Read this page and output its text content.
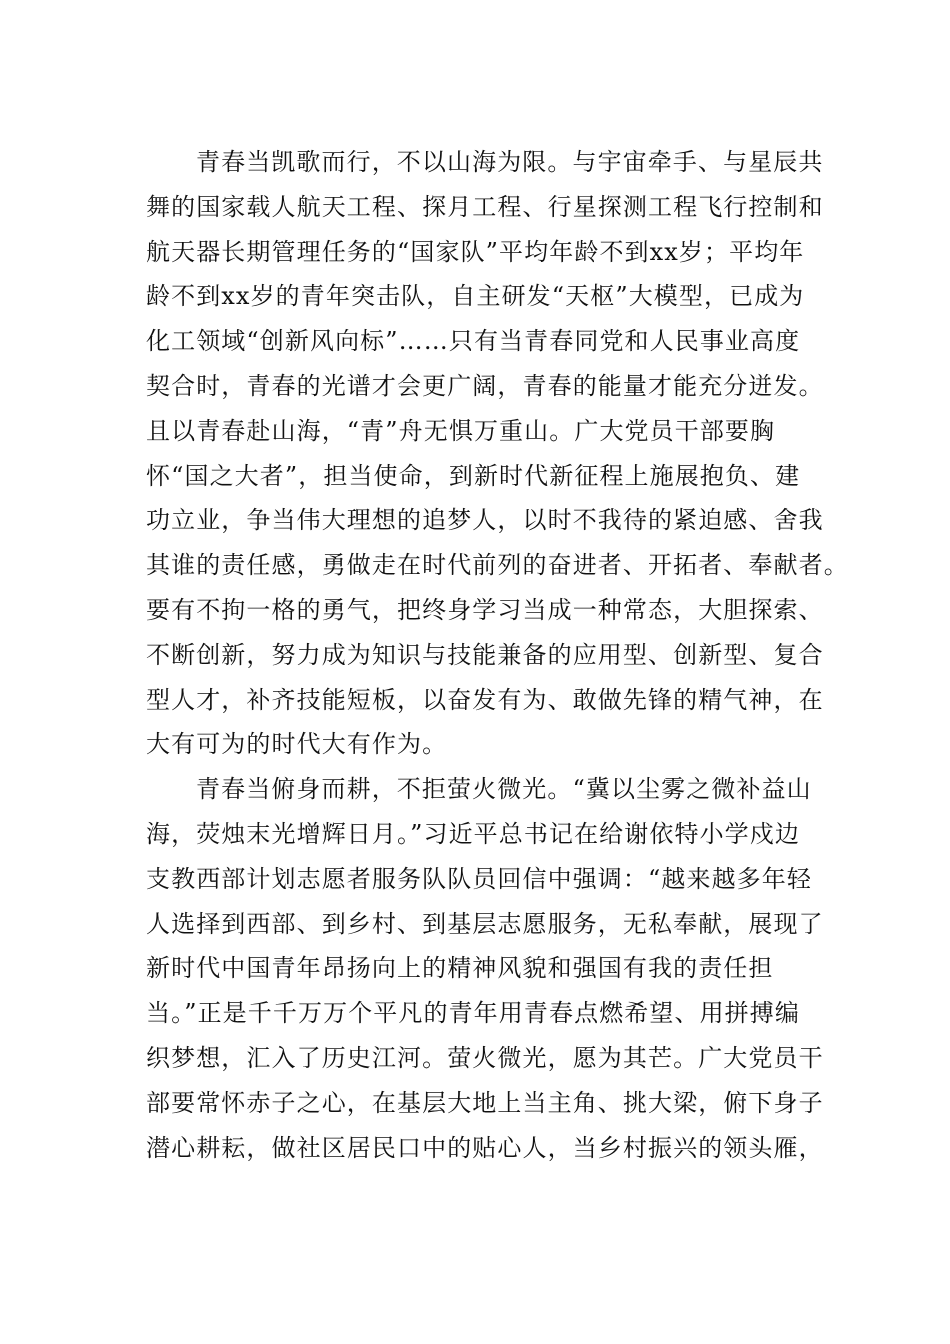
青春当凯歌而行，不以山海为限。与宇宙牵手、与星辰共
舞的国家载人航天工程、探月工程、行星探测工程飞行控制和
航天器长期管理任务的“国家队”平均年龄不到xx岁；平均年
龄不到xx岁的青年突击队，自主研发“天枢”大模型，已成为
化工领域“创新风向标”……只有当青春同党和人民事业高度
契合时，青春的光谱才会更广阔，青春的能量才能充分迸发。
且以青春赴山海，“青”舟无惧万重山。广大党员干部要胸
怀“国之大者”，担当使命，到新时代新征程上施展抱负、建
功立业，争当伟大理想的追梦人，以时不我待的紧迫感、舍我
其谁的责任感，勇做走在时代前列的奋进者、开拓者、奉献者。
要有不拘一格的勇气，把终身学习当成一种常态，大胆探索、
不断创新，努力成为知识与技能兼备的应用型、创新型、复合
型人才，补齐技能短板，以奋发有为、敢做先锋的精气神，在
大有可为的时代大有作为。
青春当俯身而耕，不拒萤火微光。“冀以尘雾之微补益山
海，荧烛末光增辉日月。”习近平总书记在给谢依特小学戍边
支教西部计划志愿者服务队队员回信中强调：“越来越多年轻
人选择到西部、到乡村、到基层志愿服务，无私奉献，展现了
新时代中国青年昂扬向上的精神风貌和强国有我的责任担
当。”正是千千万万个平凡的青年用青春点燃希望、用拼搏编
织梦想，汇入了历史江河。萤火微光，愿为其芒。广大党员干
部要常怀赤子之心，在基层大地上当主角、挑大梁，俯下身子
潜心耕耘，做社区居民口中的贴心人，当乡村振兴的领头雁，
